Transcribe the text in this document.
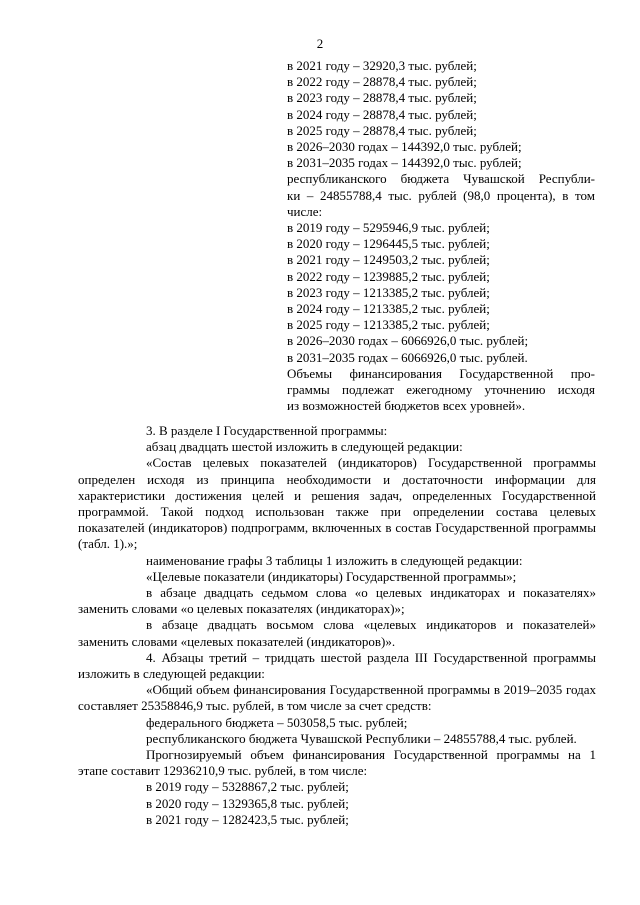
2
в 2021 году – 32920,3 тыс. рублей;
в 2022 году – 28878,4 тыс. рублей;
в 2023 году – 28878,4 тыс. рублей;
в 2024 году – 28878,4 тыс. рублей;
в 2025 году – 28878,4 тыс. рублей;
в 2026–2030 годах – 144392,0 тыс. рублей;
в 2031–2035 годах – 144392,0 тыс. рублей;
республиканского бюджета Чувашской Республи-
ки – 24855788,4 тыс. рублей (98,0 процента), в том
числе:
в 2019 году – 5295946,9 тыс. рублей;
в 2020 году – 1296445,5 тыс. рублей;
в 2021 году – 1249503,2 тыс. рублей;
в 2022 году – 1239885,2 тыс. рублей;
в 2023 году – 1213385,2 тыс. рублей;
в 2024 году – 1213385,2 тыс. рублей;
в 2025 году – 1213385,2 тыс. рублей;
в 2026–2030 годах – 6066926,0 тыс. рублей;
в 2031–2035 годах – 6066926,0 тыс. рублей.
Объемы финансирования Государственной про-
граммы подлежат ежегодному уточнению исходя
из возможностей бюджетов всех уровней».

3. В разделе I Государственной программы:

абзац двадцать шестой изложить в следующей редакции:

«Состав целевых показателей (индикаторов) Государственной программы определен исходя из принципа необходимости и достаточности информации для характеристики достижения целей и решения задач, определенных Государственной программой. Такой подход использован также при определении состава целевых показателей (индикаторов) подпрограмм, включенных в состав Государственной программы (табл. 1).»;

наименование графы 3 таблицы 1 изложить в следующей редакции:

«Целевые показатели (индикаторы) Государственной программы»;

в абзаце двадцать седьмом слова «о целевых индикаторах и показателях» заменить словами «о целевых показателях (индикаторах)»;

в абзаце двадцать восьмом слова «целевых индикаторов и показателей» заменить словами «целевых показателей (индикаторов)».

4. Абзацы третий – тридцать шестой раздела III Государственной программы изложить в следующей редакции:

«Общий объем финансирования Государственной программы в 2019–2035 годах составляет 25358846,9 тыс. рублей, в том числе за счет средств:

федерального бюджета – 503058,5 тыс. рублей;

республиканского бюджета Чувашской Республики – 24855788,4 тыс. рублей.

Прогнозируемый объем финансирования Государственной программы на 1 этапе составит 12936210,9 тыс. рублей, в том числе:

в 2019 году – 5328867,2 тыс. рублей;

в 2020 году – 1329365,8 тыс. рублей;

в 2021 году – 1282423,5 тыс. рублей;
